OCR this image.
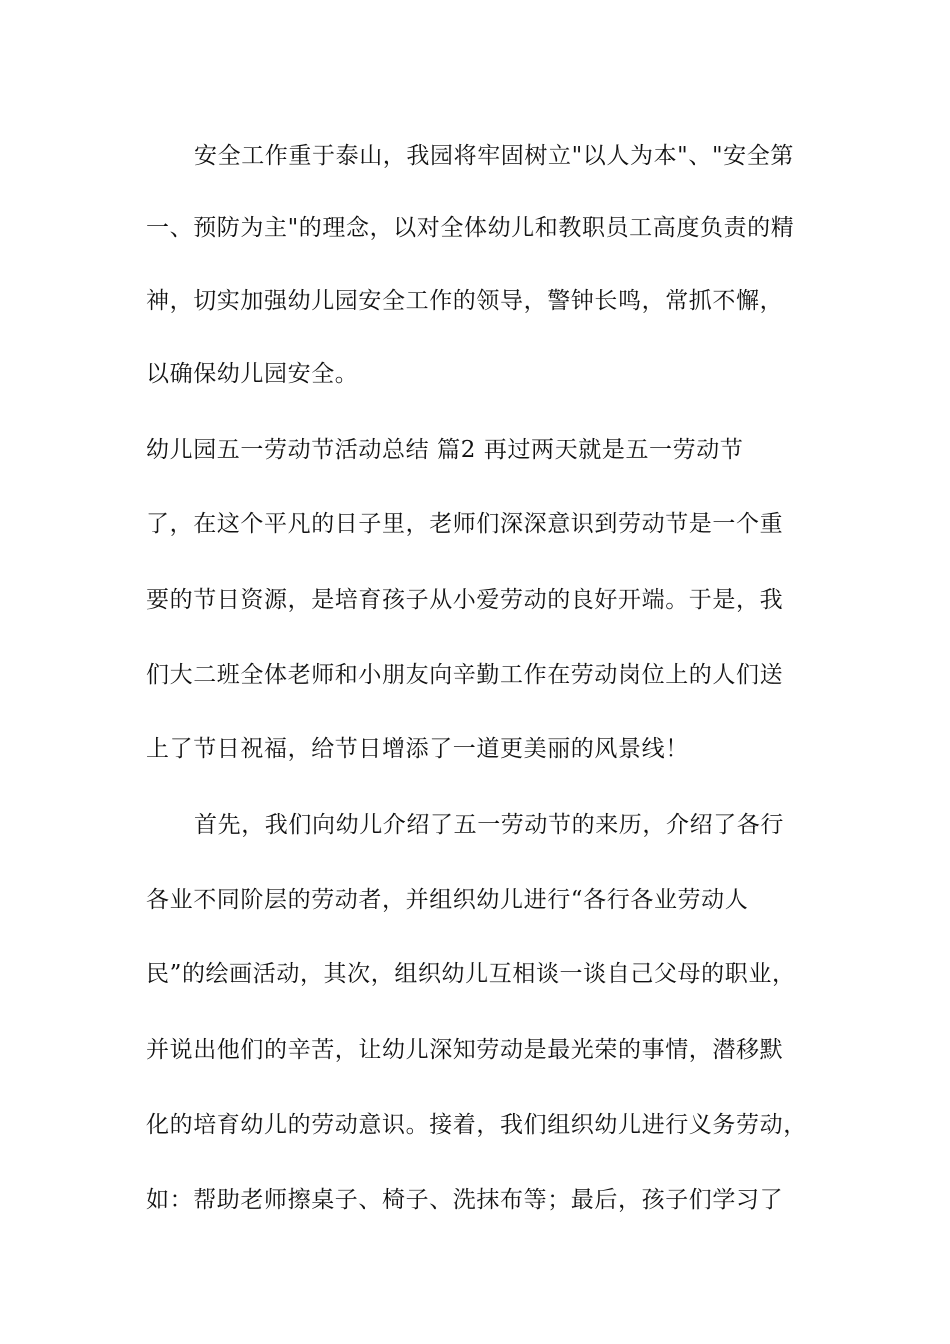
安全工作重于泰山，我园将牢固树立"以人为本"、"安全第
一、预防为主"的理念，以对全体幼儿和教职员工高度负责的精
神，切实加强幼儿园安全工作的领导，警钟长鸣，常抓不懈，
以确保幼儿园安全。
幼儿园五一劳动节活动总结 篇2 再过两天就是五一劳动节
了，在这个平凡的日子里，老师们深深意识到劳动节是一个重
要的节日资源，是培育孩子从小爱劳动的良好开端。于是，我
们大二班全体老师和小朋友向辛勤工作在劳动岗位上的人们送
上了节日祝福，给节日增添了一道更美丽的风景线！
首先，我们向幼儿介绍了五一劳动节的来历，介绍了各行
各业不同阶层的劳动者，并组织幼儿进行“各行各业劳动人
民”的绘画活动，其次，组织幼儿互相谈一谈自己父母的职业，
并说出他们的辛苦，让幼儿深知劳动是最光荣的事情，潜移默
化的培育幼儿的劳动意识。接着，我们组织幼儿进行义务劳动，
如：帮助老师擦桌子、椅子、洗抹布等；最后，孩子们学习了
